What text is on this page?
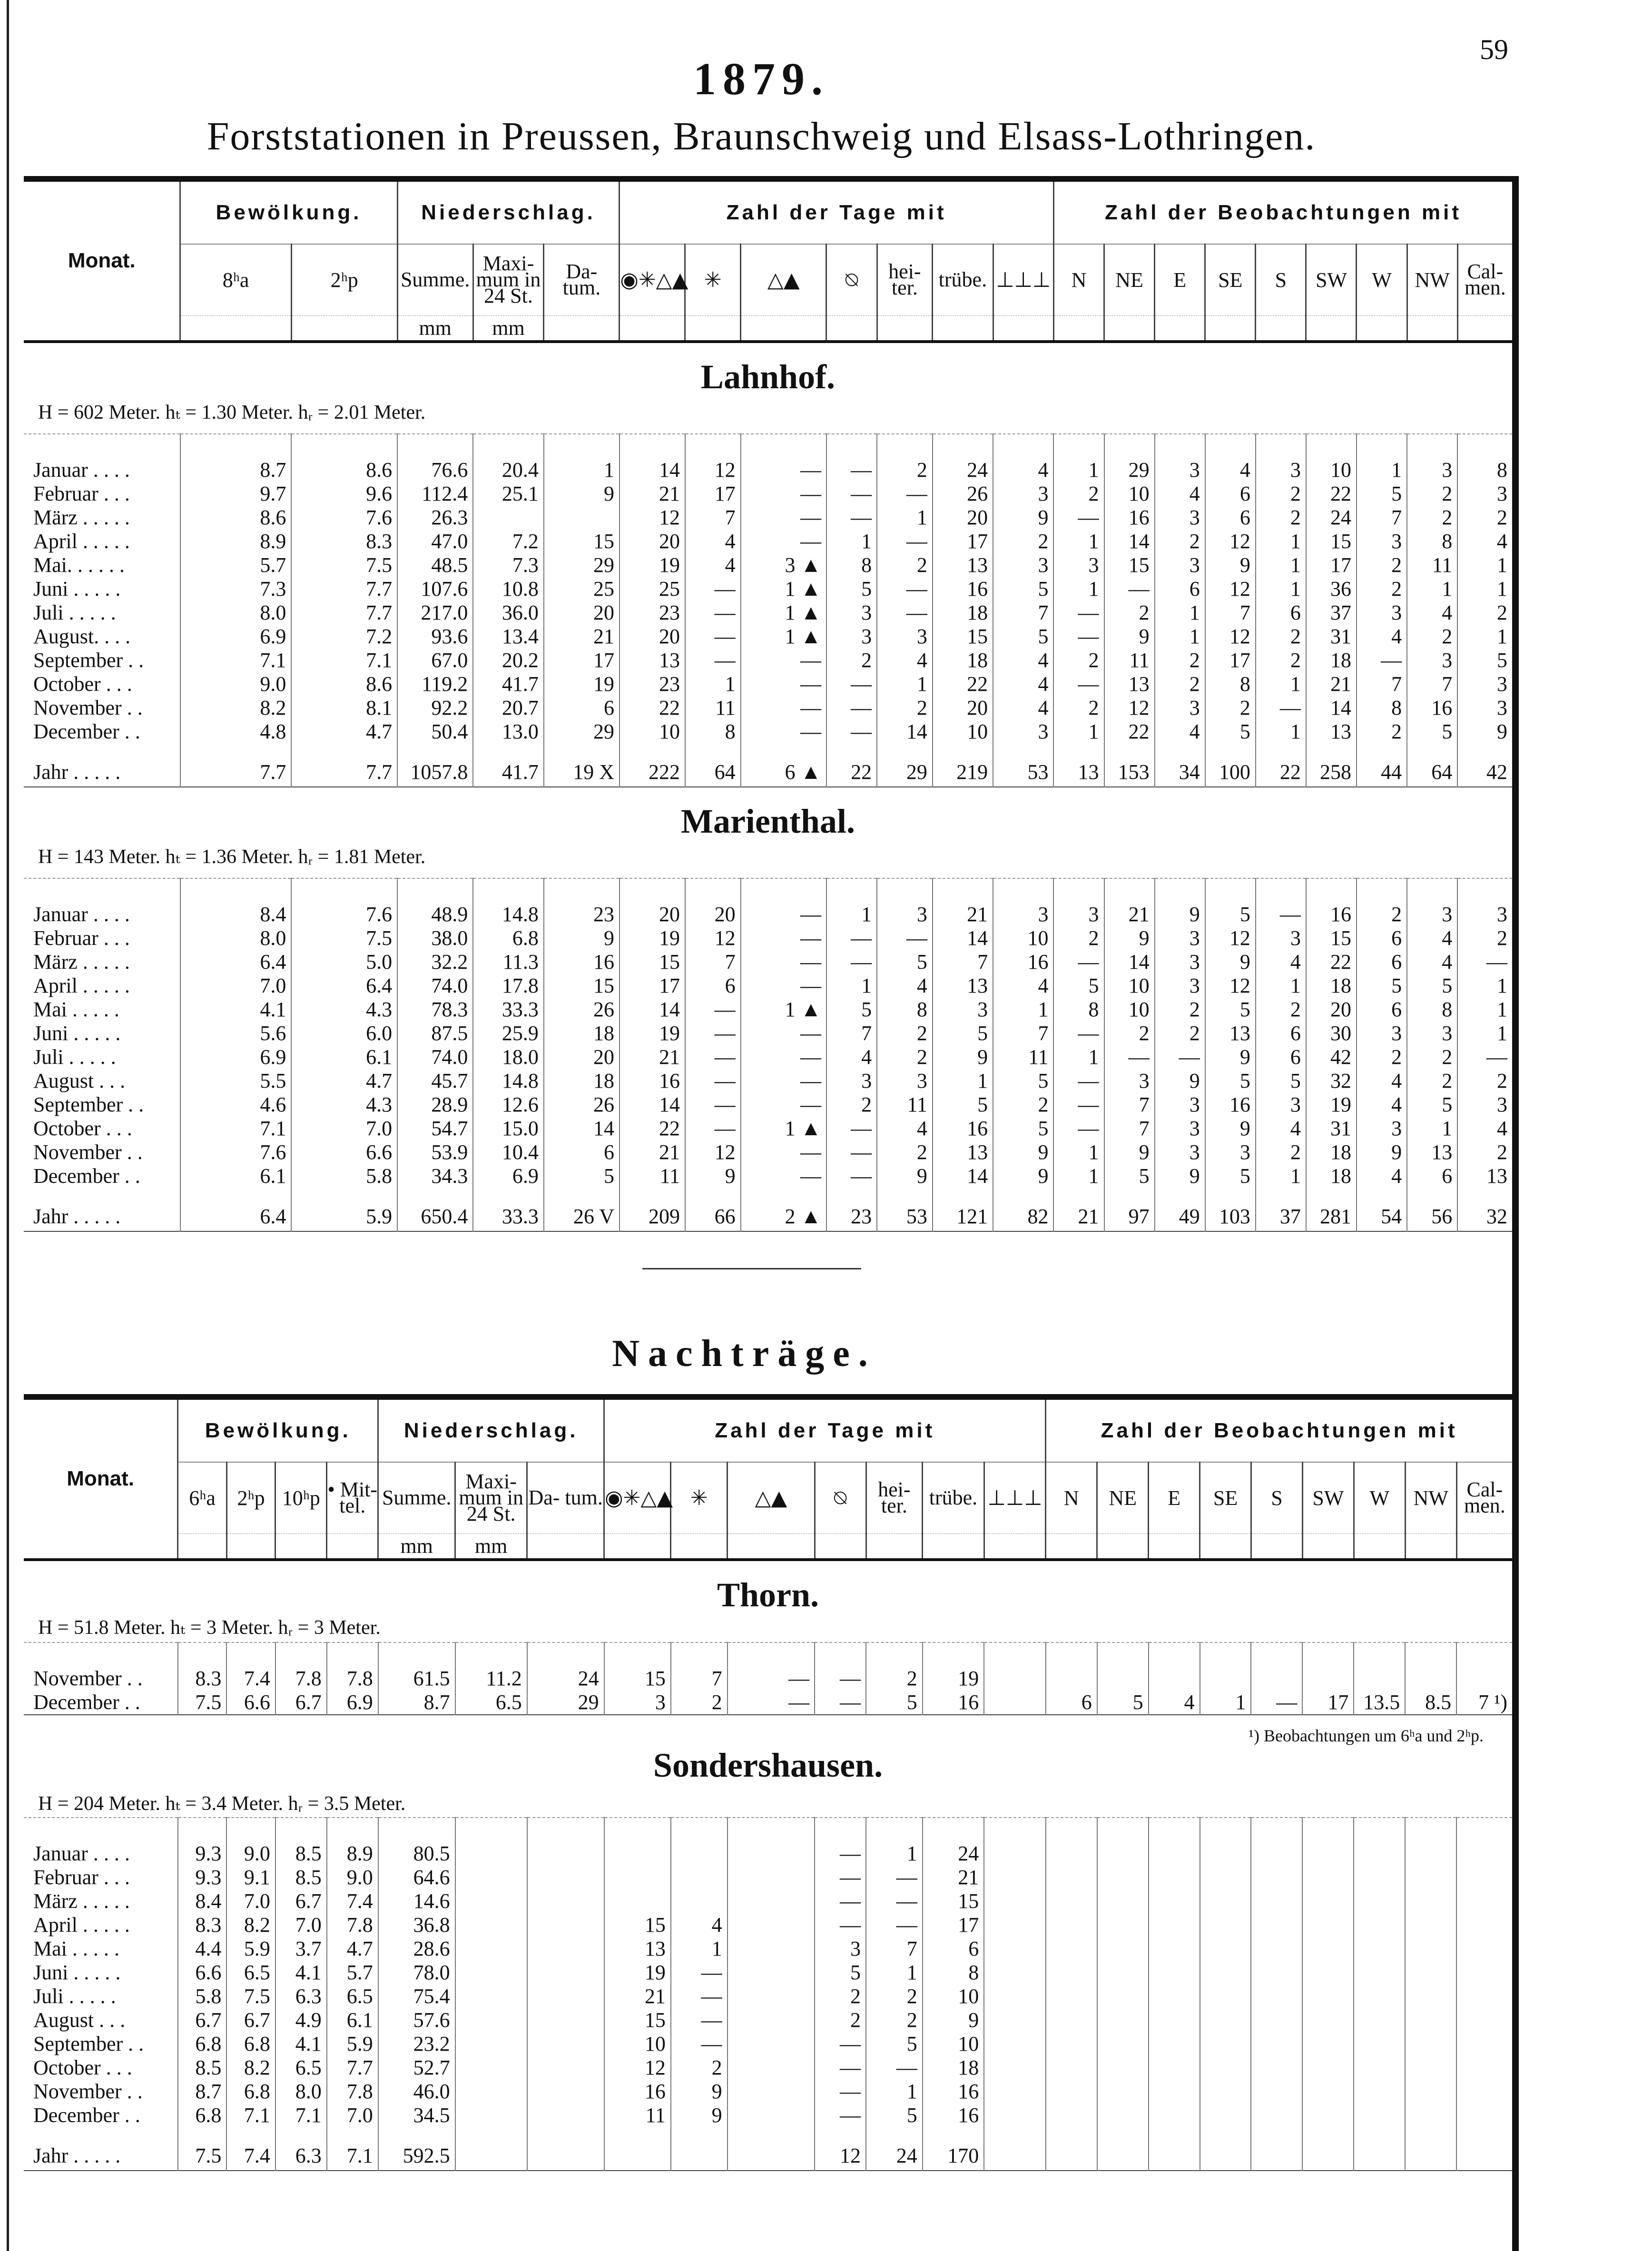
59
1879.
Forststationen in Preussen, Braunschweig und Elsass-Lothringen.
Monat.	Bewölkung.		Niederschlag.			Zahl der Tage mit							Zahl der Beobachtungen mit								
	8ʰa	2ʰp	Summe.	Maxi- mum in 24 St.	Da- tum.	◉✳△▲	✳	△▲	⍉	hei- ter.	trübe.	⊥⊥⊥	N	NE	E	SE	S	SW	W	NW	Cal- men.
			mm	mm																	
Lahnhof.
H = 602 Meter. hₜ = 1.30 Meter. hᵣ = 2.01 Meter.
Januar . . . .	8.7	8.6	76.6	20.4	1	14	12	—	—	2	24	4	1	29	3	4	3	10	1	3	8
Februar . . .	9.7	9.6	112.4	25.1	9	21	17	—	—	—	26	3	2	10	4	6	2	22	5	2	3
März . . . . .	8.6	7.6	26.3			12	7	—	—	1	20	9	—	16	3	6	2	24	7	2	2
April . . . . .	8.9	8.3	47.0	7.2	15	20	4	—	1	—	17	2	1	14	2	12	1	15	3	8	4
Mai. . . . . .	5.7	7.5	48.5	7.3	29	19	4	3 ▲	8	2	13	3	3	15	3	9	1	17	2	11	1
Juni . . . . .	7.3	7.7	107.6	10.8	25	25	—	1 ▲	5	—	16	5	1	—	6	12	1	36	2	1	1
Juli . . . . .	8.0	7.7	217.0	36.0	20	23	—	1 ▲	3	—	18	7	—	2	1	7	6	37	3	4	2
August. . . .	6.9	7.2	93.6	13.4	21	20	—	1 ▲	3	3	15	5	—	9	1	12	2	31	4	2	1
September . .	7.1	7.1	67.0	20.2	17	13	—	—	2	4	18	4	2	11	2	17	2	18	—	3	5
October . . .	9.0	8.6	119.2	41.7	19	23	1	—	—	1	22	4	—	13	2	8	1	21	7	7	3
November . .	8.2	8.1	92.2	20.7	6	22	11	—	—	2	20	4	2	12	3	2	—	14	8	16	3
December . .	4.8	4.7	50.4	13.0	29	10	8	—	—	14	10	3	1	22	4	5	1	13	2	5	9
Jahr . . . . .	7.7	7.7	1057.8	41.7	19 X	222	64	6 ▲	22	29	219	53	13	153	34	100	22	258	44	64	42
Marienthal.
H = 143 Meter. hₜ = 1.36 Meter. hᵣ = 1.81 Meter.
Januar . . . .	8.4	7.6	48.9	14.8	23	20	20	—	1	3	21	3	3	21	9	5	—	16	2	3	3
Februar . . .	8.0	7.5	38.0	6.8	9	19	12	—	—	—	14	10	2	9	3	12	3	15	6	4	2
März . . . . .	6.4	5.0	32.2	11.3	16	15	7	—	—	5	7	16	—	14	3	9	4	22	6	4	—
April . . . . .	7.0	6.4	74.0	17.8	15	17	6	—	1	4	13	4	5	10	3	12	1	18	5	5	1
Mai . . . . .	4.1	4.3	78.3	33.3	26	14	—	1 ▲	5	8	3	1	8	10	2	5	2	20	6	8	1
Juni . . . . .	5.6	6.0	87.5	25.9	18	19	—	—	7	2	5	7	—	2	2	13	6	30	3	3	1
Juli . . . . .	6.9	6.1	74.0	18.0	20	21	—	—	4	2	9	11	1	—	—	9	6	42	2	2	—
August . . .	5.5	4.7	45.7	14.8	18	16	—	—	3	3	1	5	—	3	9	5	5	32	4	2	2
September . .	4.6	4.3	28.9	12.6	26	14	—	—	2	11	5	2	—	7	3	16	3	19	4	5	3
October . . .	7.1	7.0	54.7	15.0	14	22	—	1 ▲	—	4	16	5	—	7	3	9	4	31	3	1	4
November . .	7.6	6.6	53.9	10.4	6	21	12	—	—	2	13	9	1	9	3	3	2	18	9	13	2
December . .	6.1	5.8	34.3	6.9	5	11	9	—	—	9	14	9	1	5	9	5	1	18	4	6	13
Jahr . . . . .	6.4	5.9	650.4	33.3	26 V	209	66	2 ▲	23	53	121	82	21	97	49	103	37	281	54	56	32
Nachträge.
Monat.	Bewölkung.				Niederschlag.			Zahl der Tage mit							Zahl der Beobachtungen mit								
	6ʰa	2ʰp	10ʰp	• Mit- tel.	Summe.	Maxi- mum in 24 St.	Da- tum.	◉✳△▲	✳	△▲	⍉	hei- ter.	trübe.	⊥⊥⊥	N	NE	E	SE	S	SW	W	NW	Cal- men.
					mm	mm																	
Thorn.
H = 51.8 Meter. hₜ = 3 Meter. hᵣ = 3 Meter.
November . .	8.3	7.4	7.8	7.8	61.5	11.2	24	15	7	—	—	2	19										
December . .	7.5	6.6	6.7	6.9	8.7	6.5	29	3	2	—	—	5	16		6	5	4	1	—	17	13.5	8.5	7 ¹)
¹) Beobachtungen um 6ʰa und 2ʰp.
Sondershausen.
H = 204 Meter. hₜ = 3.4 Meter. hᵣ = 3.5 Meter.
Januar . . . .	9.3	9.0	8.5	8.9	80.5						—	1	24										
Februar . . .	9.3	9.1	8.5	9.0	64.6						—	—	21										
März . . . . .	8.4	7.0	6.7	7.4	14.6						—	—	15										
April . . . . .	8.3	8.2	7.0	7.8	36.8			15	4		—	—	17										
Mai . . . . .	4.4	5.9	3.7	4.7	28.6			13	1		3	7	6										
Juni . . . . .	6.6	6.5	4.1	5.7	78.0			19	—		5	1	8										
Juli . . . . .	5.8	7.5	6.3	6.5	75.4			21	—		2	2	10										
August . . .	6.7	6.7	4.9	6.1	57.6			15	—		2	2	9										
September . .	6.8	6.8	4.1	5.9	23.2			10	—		—	5	10										
October . . .	8.5	8.2	6.5	7.7	52.7			12	2		—	—	18										
November . .	8.7	6.8	8.0	7.8	46.0			16	9		—	1	16										
December . .	6.8	7.1	7.1	7.0	34.5			11	9		—	5	16										
Jahr . . . . .	7.5	7.4	6.3	7.1	592.5						12	24	170										
